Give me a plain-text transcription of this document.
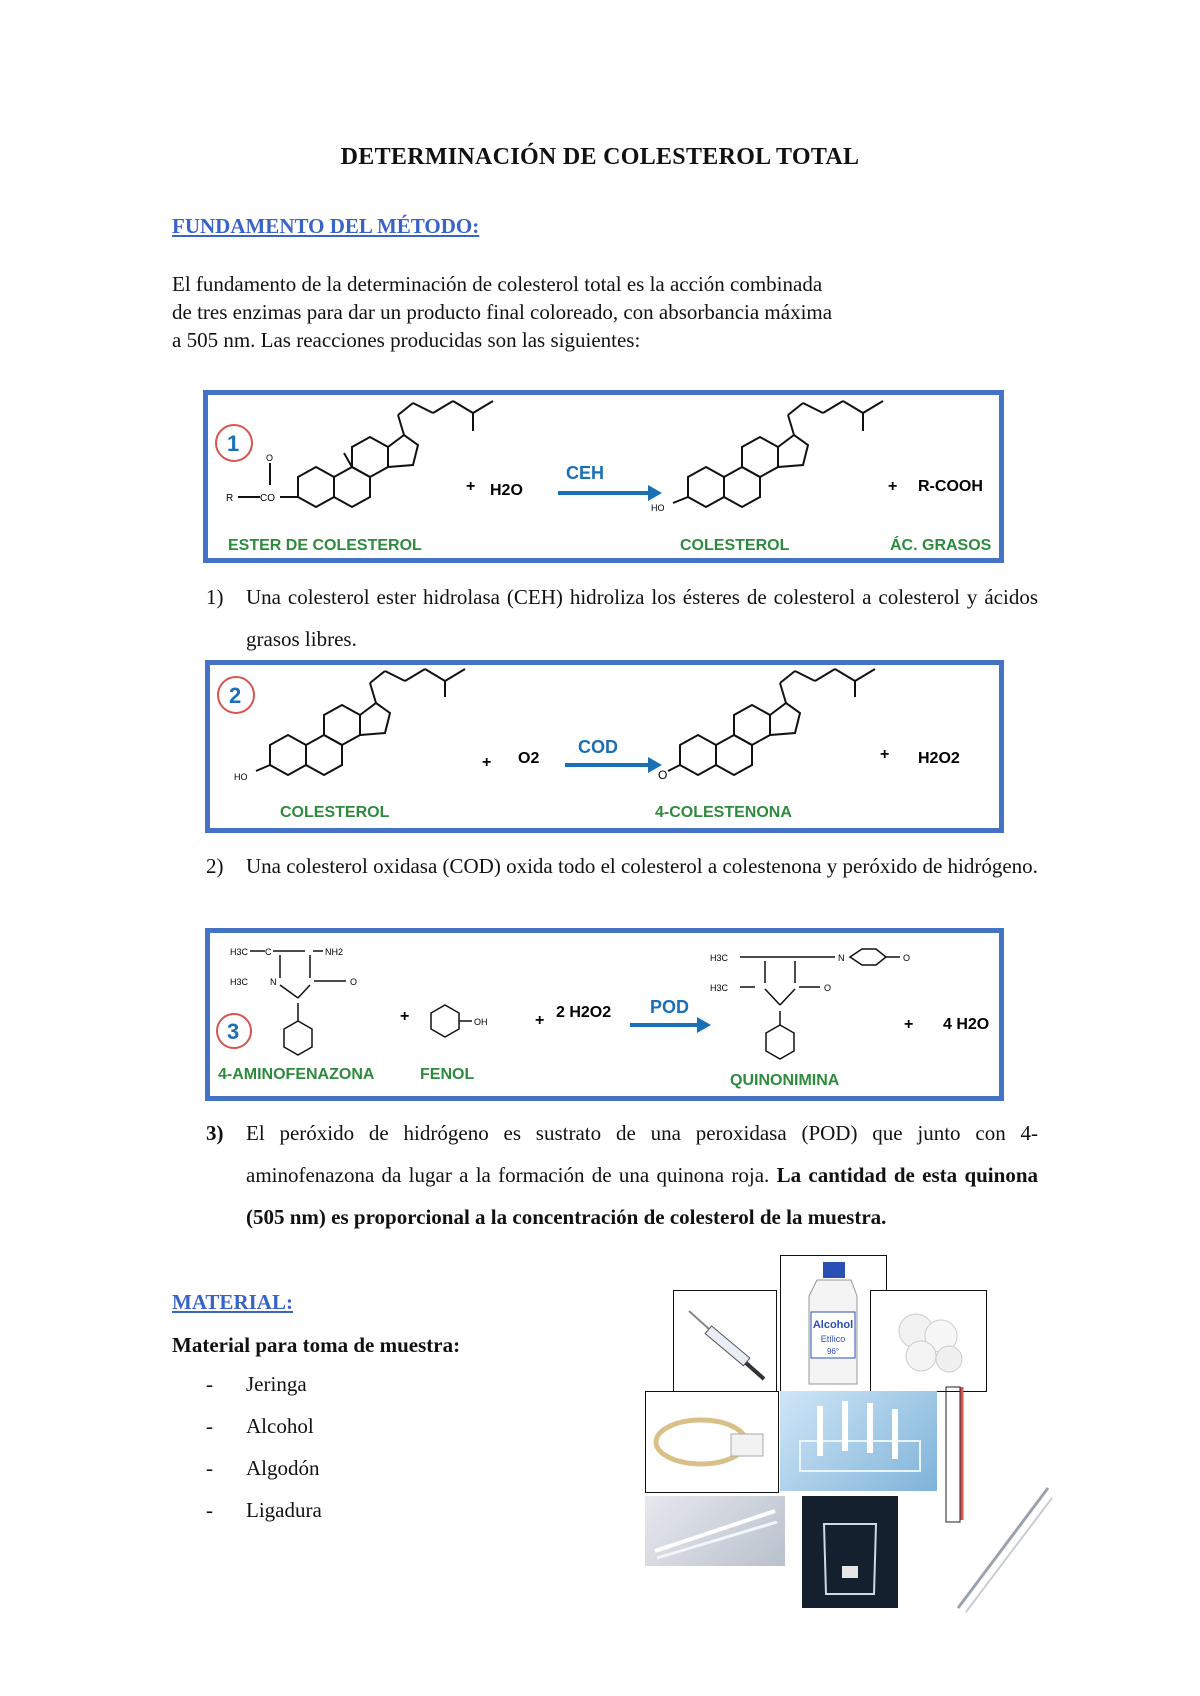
DETERMINACIÓN DE COLESTEROL TOTAL
FUNDAMENTO DEL MÉTODO:
El fundamento de la determinación de colesterol total es la acción combinada
de tres enzimas para dar un producto final coloreado, con absorbancia máxima
a 505 nm. Las reacciones producidas son las siguientes:
1
O
CO
R
+ H2O
CEH
HO
+ R-COOH
ESTER DE COLESTEROL	COLESTEROL	ÁC. GRASOS
1) Una colesterol ester hidrolasa (CEH) hidroliza los ésteres de colesterol a colesterol y ácidos grasos libres.
2
HO
+ O2
COD
O
+ H2O2
COLESTEROL	4-COLESTENONA
2) Una colesterol oxidasa (COD) oxida todo el colesterol a colestenona y peróxido de hidrógeno.
H3C C	NH2
H3C N	O
3
+	OH	+ 2 H2O2 POD
H3C
H3C
N	O
O
+ 4 H2O
4-AMINOFENAZONA	FENOL	QUINONIMINA
3) El peróxido de hidrógeno es sustrato de una peroxidasa (POD) que junto con 4-aminofenazona da lugar a la formación de una quinona roja. La cantidad de esta quinona (505 nm) es proporcional a la concentración de colesterol de la muestra.
MATERIAL:
Material para toma de muestra:
- Jeringa
- Alcohol
- Algodón
- Ligadura
Alcohol
Etílico
96°
